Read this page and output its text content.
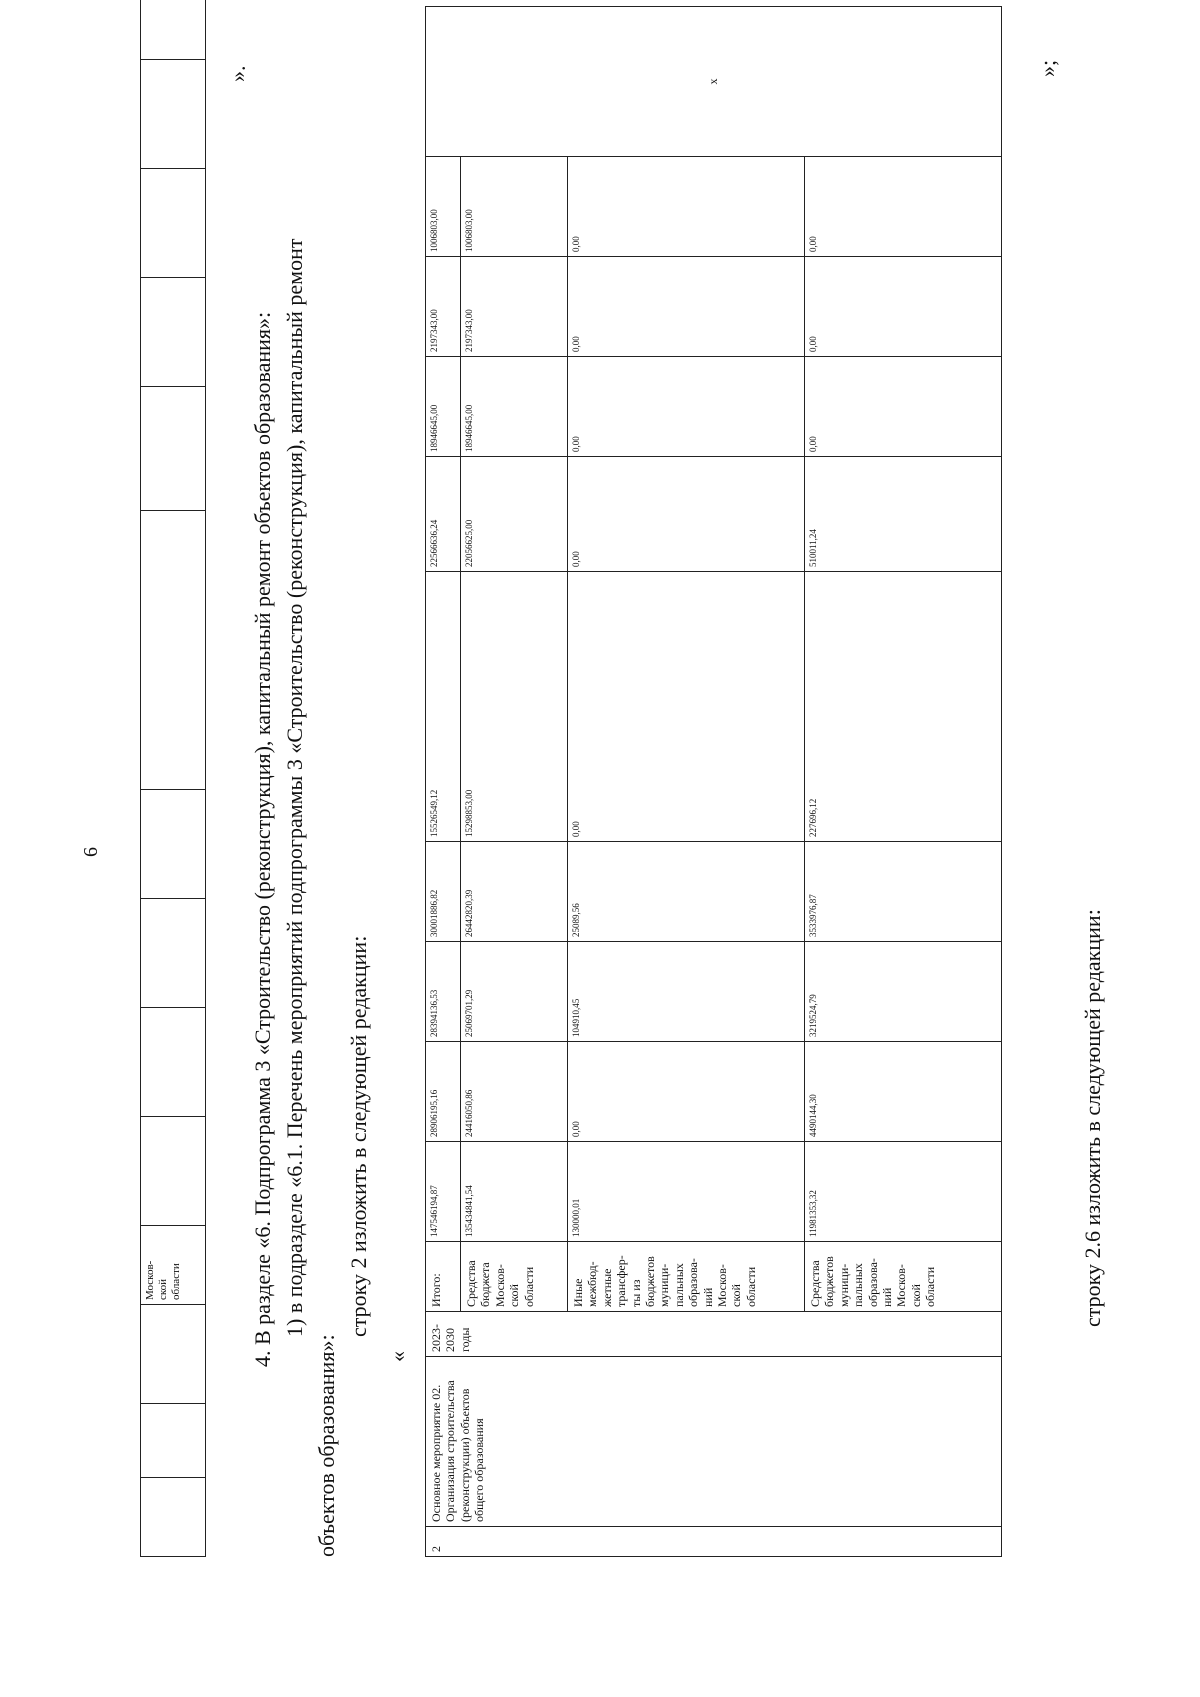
6

Москов-
ской
области

».
4. В разделе «6. Подпрограмма 3 «Строительство (реконструкция), капитальный ремонт объектов образования»: 1) в подразделе «6.1. Перечень мероприятий подпрограммы 3 «Строительство (реконструкция), капитальный ремонт
объектов образования»:
строку 2 изложить в следующей редакции:
«
2	Основное мероприятие 02. Организация строительства (реконструкции) объектов общего образования	2023-
2030
годы	Итого:	147546194,87	28906195,16	28394136,53	30001886,82	15526549,12	22566636,24	18946645,00	2197343,00	1006803,00	х
			Средства бюджета Москов-ской области	135434841,54	24416050,86	25069701,29	26442820,39	15298853,00	22056625,00	18946645,00	2197343,00	1006803,00	
			Иные межбюд-жетные трансфер-ты из бюджетов муници-пальных образова-ний Москов-ской области	130000,01	0,00	104910,45	25089,56	0,00	0,00	0,00	0,00	0,00	
			Средства бюджетов муници-пальных образова-ний Москов-ской области	11981353,32	4490144,30	3219524,79	3533976,87	227696,12	510011,24	0,00	0,00	0,00	
»;
строку 2.6 изложить в следующей редакции:
